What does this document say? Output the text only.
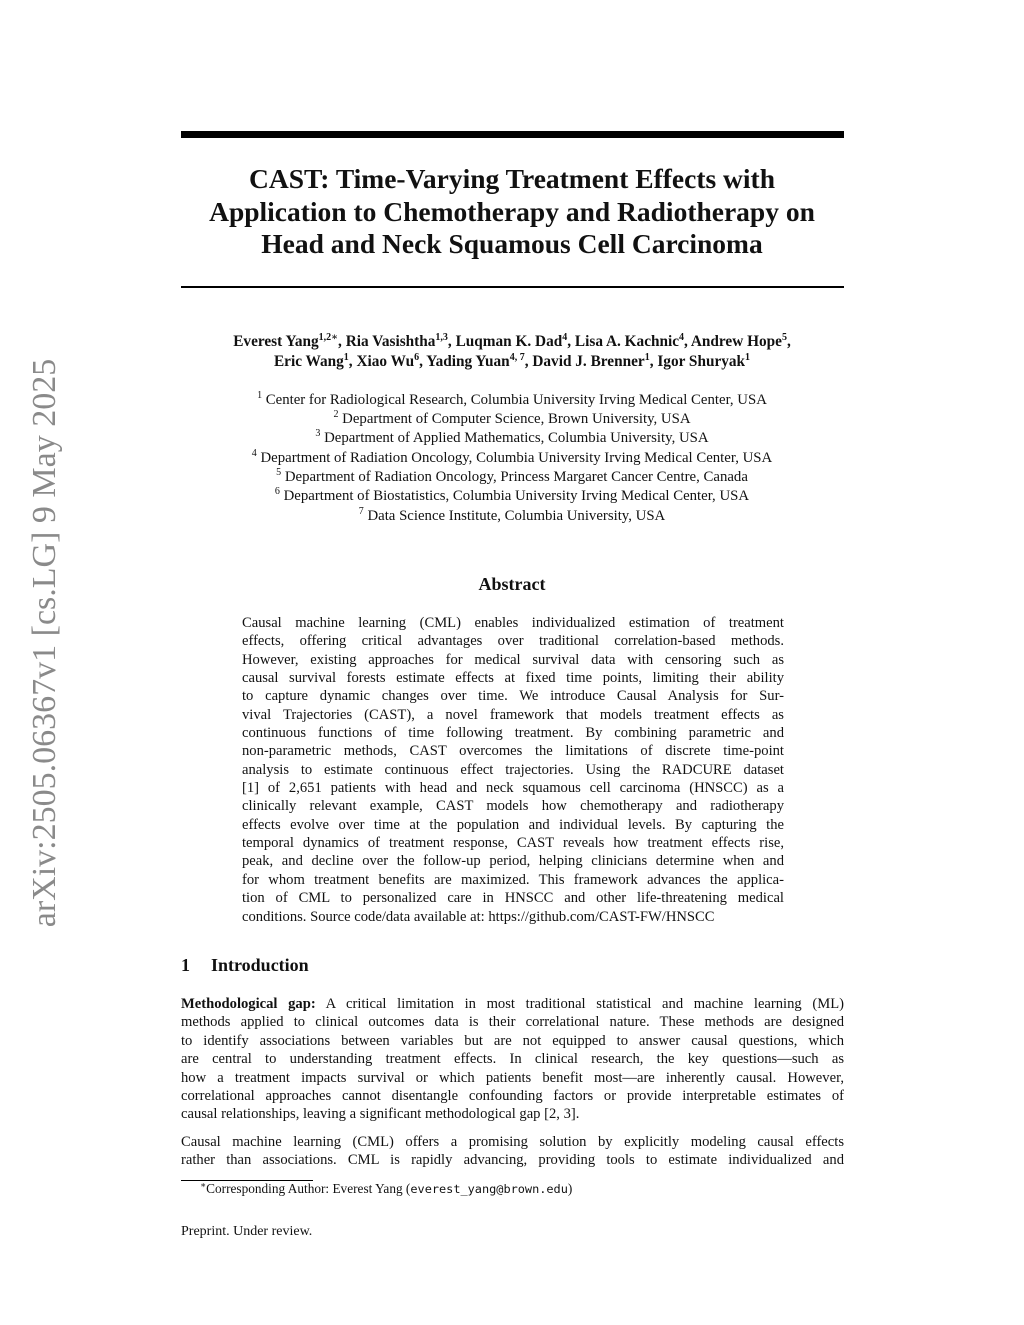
arXiv:2505.06367v1 [cs.LG] 9 May 2025
CAST: Time-Varying Treatment Effects with
Application to Chemotherapy and Radiotherapy on
Head and Neck Squamous Cell Carcinoma
Everest Yang$^{1,2∗}$, Ria Vasishtha$^{1,3}$, Luqman K. Dad$^4$, Lisa A. Kachnic$^4$, Andrew Hope$^5$,
Eric Wang$^1$, Xiao Wu$^6$, Yading Yuan$^{4, 7}$, David J. Brenner$^1$, Igor Shuryak$^1$
$^1$ Center for Radiological Research, Columbia University Irving Medical Center, USA
$^2$ Department of Computer Science, Brown University, USA
$^3$ Department of Applied Mathematics, Columbia University, USA
$^4$ Department of Radiation Oncology, Columbia University Irving Medical Center, USA
$^5$ Department of Radiation Oncology, Princess Margaret Cancer Centre, Canada
$^6$ Department of Biostatistics, Columbia University Irving Medical Center, USA
$^7$ Data Science Institute, Columbia University, USA
Abstract
Causal machine learning (CML) enables individualized estimation of treatment
effects, offering critical advantages over traditional correlation-based methods.
However, existing approaches for medical survival data with censoring such as
causal survival forests estimate effects at fixed time points, limiting their ability
to capture dynamic changes over time. We introduce Causal Analysis for Sur-
vival Trajectories (CAST), a novel framework that models treatment effects as
continuous functions of time following treatment. By combining parametric and
non-parametric methods, CAST overcomes the limitations of discrete time-point
analysis to estimate continuous effect trajectories. Using the RADCURE dataset
[1] of 2,651 patients with head and neck squamous cell carcinoma (HNSCC) as a
clinically relevant example, CAST models how chemotherapy and radiotherapy
effects evolve over time at the population and individual levels. By capturing the
temporal dynamics of treatment response, CAST reveals how treatment effects rise,
peak, and decline over the follow-up period, helping clinicians determine when and
for whom treatment benefits are maximized. This framework advances the applica-
tion of CML to personalized care in HNSCC and other life-threatening medical
conditions. Source code/data available at: https://github.com/CAST-FW/HNSCC
1 Introduction
Methodological gap: A critical limitation in most traditional statistical and machine learning (ML)
methods applied to clinical outcomes data is their correlational nature. These methods are designed
to identify associations between variables but are not equipped to answer causal questions, which
are central to understanding treatment effects. In clinical research, the key questions—such as
how a treatment impacts survival or which patients benefit most—are inherently causal. However,
correlational approaches cannot disentangle confounding factors or provide interpretable estimates of
causal relationships, leaving a significant methodological gap [2, 3].
Causal machine learning (CML) offers a promising solution by explicitly modeling causal effects
rather than associations. CML is rapidly advancing, providing tools to estimate individualized and
∗Corresponding Author: Everest Yang (everest_yang@brown.edu)
Preprint. Under review.
